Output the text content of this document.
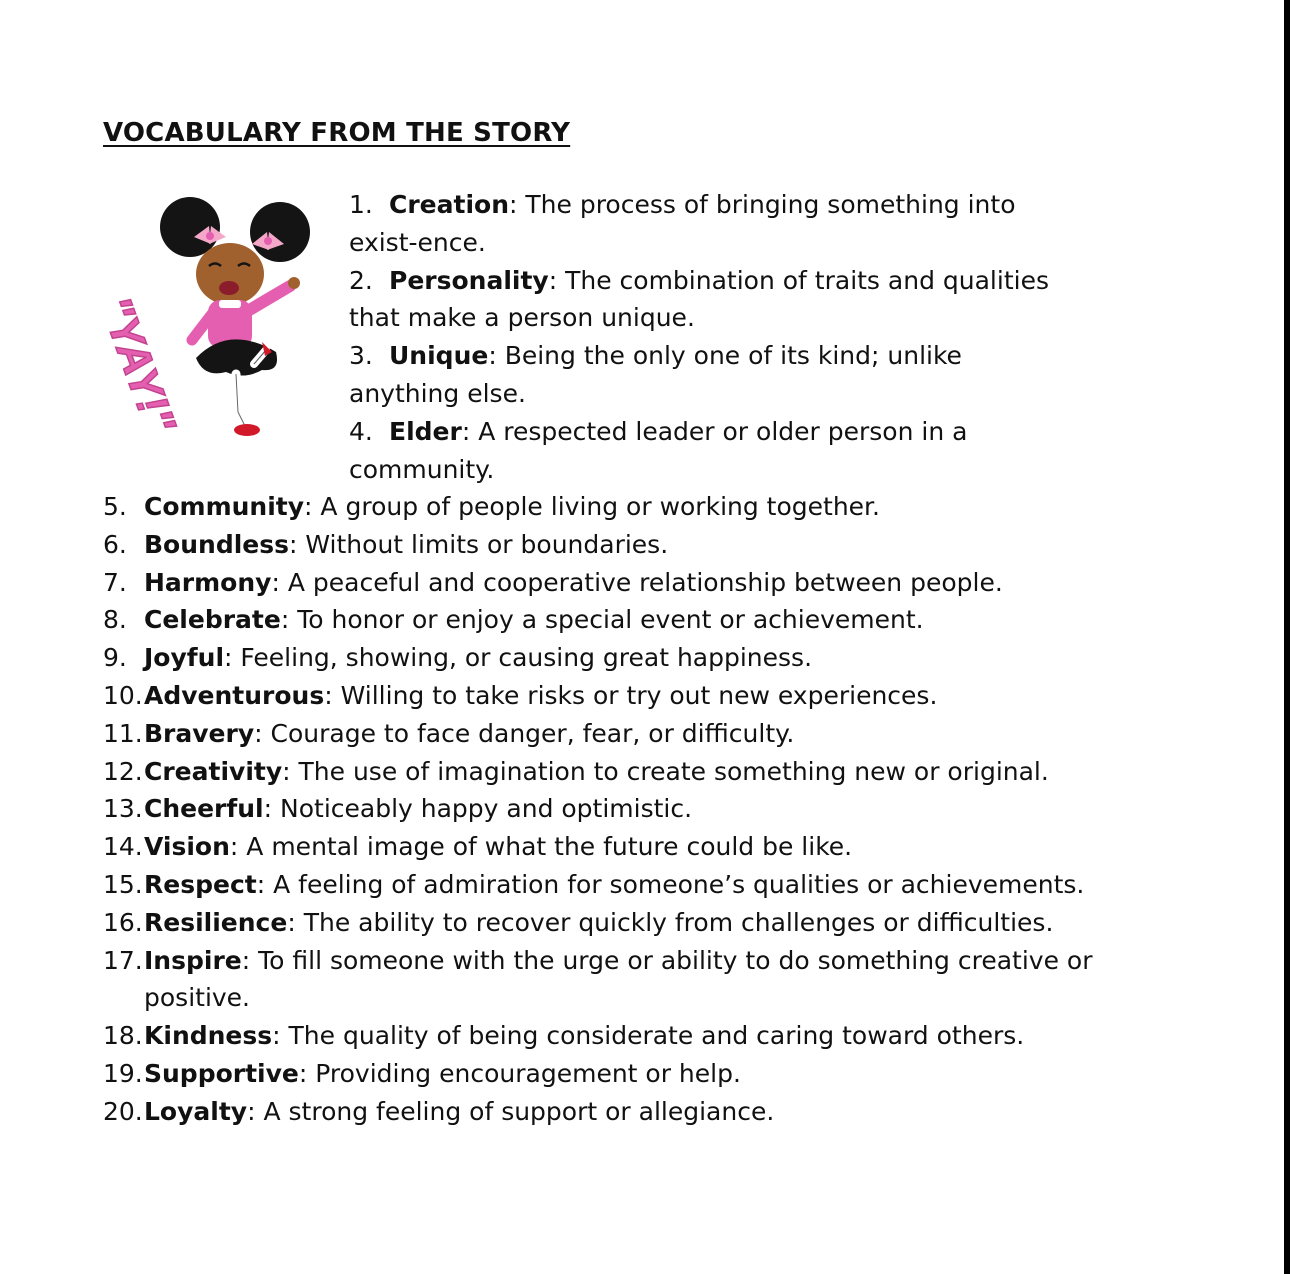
VOCABULARY FROM THE STORY
"YAY!"
1. Creation: The process of bringing something into exist-ence.
2. Personality: The combination of traits and qualities that make a person unique.
3. Unique: Being the only one of its kind; unlike anything else.
4. Elder: A respected leader or older person in a community.
5. Community: A group of people living or working together.
6. Boundless: Without limits or boundaries.
7. Harmony: A peaceful and cooperative relationship between people.
8. Celebrate: To honor or enjoy a special event or achievement.
9. Joyful: Feeling, showing, or causing great happiness.
10.Adventurous: Willing to take risks or try out new experiences.
11.Bravery: Courage to face danger, fear, or difficulty.
12.Creativity: The use of imagination to create something new or original.
13.Cheerful: Noticeably happy and optimistic.
14.Vision: A mental image of what the future could be like.
15.Respect: A feeling of admiration for someone’s qualities or achievements.
16.Resilience: The ability to recover quickly from challenges or difficulties.
17.Inspire: To fill someone with the urge or ability to do something creative or positive.
18.Kindness: The quality of being considerate and caring toward others.
19.Supportive: Providing encouragement or help.
20.Loyalty: A strong feeling of support or allegiance.
